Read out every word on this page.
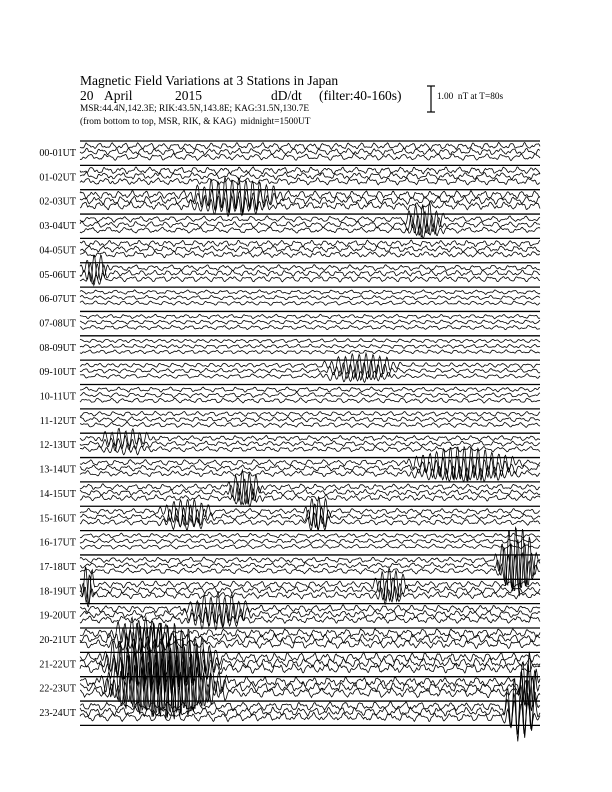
Magnetic Field Variations at 3 Stations in Japan

20

April

	2015

	dD/dt

(filter:40-160s)

MSR:44.4N,142.3E; RIK:43.5N,143.8E; KAG:31.5N,130.7E
(from bottom to top, MSR, RIK, & KAG) midnight=1500UT
1.00  nT at T=80s
00-01UT
01-02UT
02-03UT
03-04UT
04-05UT
05-06UT
06-07UT
07-08UT
08-09UT
09-10UT
10-11UT
11-12UT
12-13UT
13-14UT
14-15UT
15-16UT
16-17UT
17-18UT
18-19UT
19-20UT
20-21UT
21-22UT
22-23UT
23-24UT
